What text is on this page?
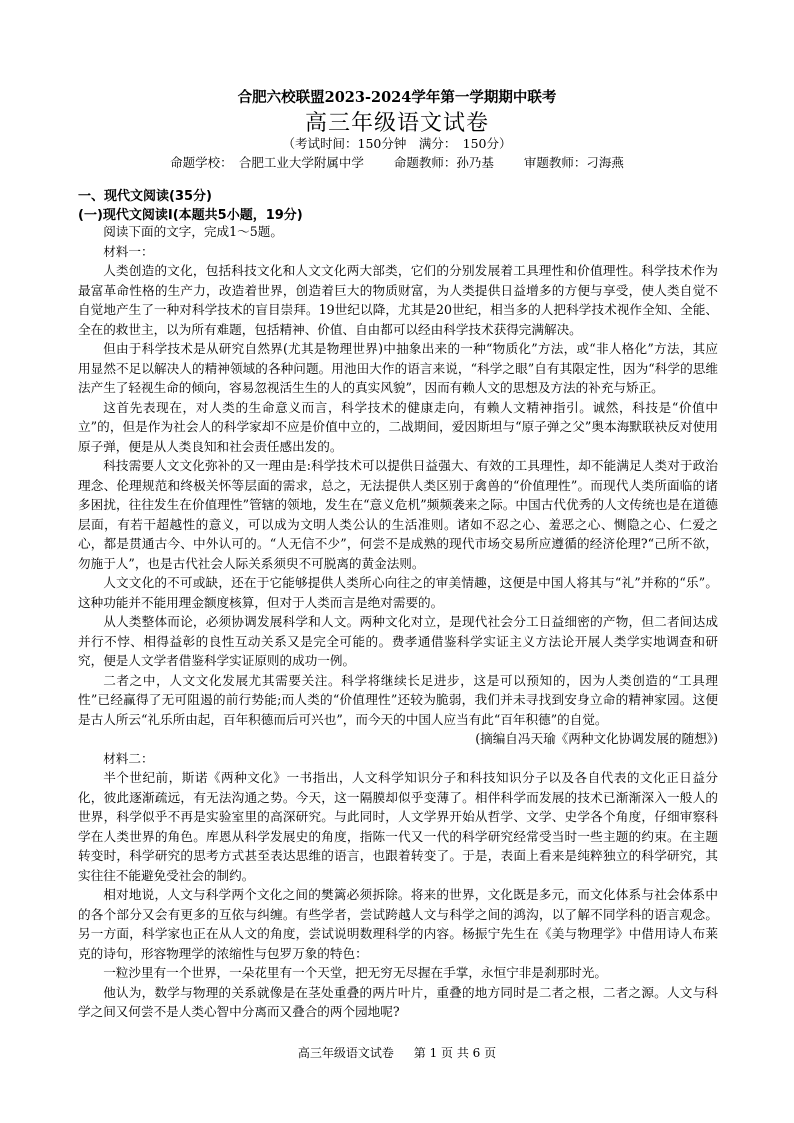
合肥六校联盟2023-2024学年第一学期期中联考
高三年级语文试卷
（考试时间：150分钟　满分：　150分）
命题学校：　合肥工业大学附属中学 命题教师：孙乃基 审题教师：刁海燕
一、现代文阅读(35分)
(一)现代文阅读Ⅰ(本题共5小题，19分)

阅读下面的文字，完成1～5题。

材料一：

人类创造的文化，包括科技文化和人文文化两大部类，它们的分别发展着工具理性和价值理性。科学技术作为最富革命性格的生产力，改造着世界，创造着巨大的物质财富，为人类提供日益增多的方便与享受，使人类自觉不自觉地产生了一种对科学技术的盲目崇拜。19世纪以降，尤其是20世纪，相当多的人把科学技术视作全知、全能、全在的救世主，以为所有难题，包括精神、价值、自由都可以经由科学技术获得完满解决。

但由于科学技术是从研究自然界(尤其是物理世界)中抽象出来的一种“物质化”方法，或“非人格化”方法，其应用显然不足以解决人的精神领域的各种问题。用池田大作的语言来说，“科学之眼”自有其限定性，因为“科学的思维法产生了轻视生命的倾向，容易忽视活生生的人的真实风貌”，因而有赖人文的思想及方法的补充与矫正。

这首先表现在，对人类的生命意义而言，科学技术的健康走向，有赖人文精神指引。诚然，科技是“价值中立”的，但是作为社会人的科学家却不应是价值中立的，二战期间，爱因斯坦与“原子弹之父”奥本海默联袂反对使用原子弹，便是从人类良知和社会责任感出发的。

科技需要人文文化弥补的又一理由是:科学技术可以提供日益强大、有效的工具理性，却不能满足人类对于政治理念、伦理规范和终极关怀等层面的需求，总之，无法提供人类区别于禽兽的“价值理性”。而现代人类所面临的诸多困扰，往往发生在价值理性”管辖的领地，发生在“意义危机”频频袭来之际。中国古代优秀的人文传统也是在道德层面，有若干超越性的意义，可以成为文明人类公认的生活准则。诸如不忍之心、羞恶之心、恻隐之心、仁爱之心，都是贯通古今、中外认可的。“人无信不少”，何尝不是成熟的现代市场交易所应遵循的经济伦理?“己所不欲，勿施于人”，也是古代社会人际关系须臾不可脱离的黄金法则。

人文文化的不可或缺，还在于它能够提供人类所心向往之的审美情趣，这便是中国人将其与“礼”并称的“乐”。这种功能并不能用理金额度核算，但对于人类而言是绝对需要的。

从人类整体而论，必须协调发展科学和人文。两种文化对立，是现代社会分工日益细密的产物，但二者间达成并行不悖、相得益彰的良性互动关系又是完全可能的。费孝通借鉴科学实证主义方法论开展人类学实地调查和研究，便是人文学者借鉴科学实证原则的成功一例。

二者之中，人文文化发展尤其需要关注。科学将继续长足进步，这是可以预知的，因为人类创造的“工具理性”已经赢得了无可阻遏的前行势能;而人类的“价值理性”还较为脆弱，我们并未寻找到安身立命的精神家园。这便是古人所云“礼乐所由起，百年积德而后可兴也”，而今天的中国人应当有此“百年积德”的自觉。

(摘编自冯天瑜《两种文化协调发展的随想》)

材料二：

半个世纪前，斯诺《两种文化》一书指出，人文科学知识分子和科技知识分子以及各自代表的文化正日益分化，彼此逐渐疏远，有无法沟通之势。今天，这一隔膜却似乎变薄了。相伴科学而发展的技术已渐渐深入一般人的世界，科学似乎不再是实验室里的高深研究。与此同时，人文学界开始从哲学、文学、史学各个角度，仔细审察科学在人类世界的角色。库恩从科学发展史的角度，指陈一代又一代的科学研究经常受当时一些主题的约束。在主题转变时，科学研究的思考方式甚至表达思维的语言，也跟着转变了。于是，表面上看来是纯粹独立的科学研究，其实往往不能避免受社会的制约。

相对地说，人文与科学两个文化之间的樊篱必须拆除。将来的世界，文化既是多元，而文化体系与社会体系中的各个部分又会有更多的互依与纠缠。有些学者，尝试跨越人文与科学之间的鸿沟，以了解不同学科的语言观念。另一方面，科学家也正在从人文的角度，尝试说明数理科学的内容。杨振宁先生在《美与物理学》中借用诗人布莱克的诗句，形容物理学的浓缩性与包罗万象的特色：

一粒沙里有一个世界，一朵花里有一个天堂，把无穷无尽握在手掌，永恒宁非是刹那时光。

他认为，数学与物理的关系就像是在茎处重叠的两片叶片，重叠的地方同时是二者之根，二者之源。人文与科学之间又何尝不是人类心智中分离而又叠合的两个园地呢?

高三年级语文试卷 第 1 页 共 6 页
